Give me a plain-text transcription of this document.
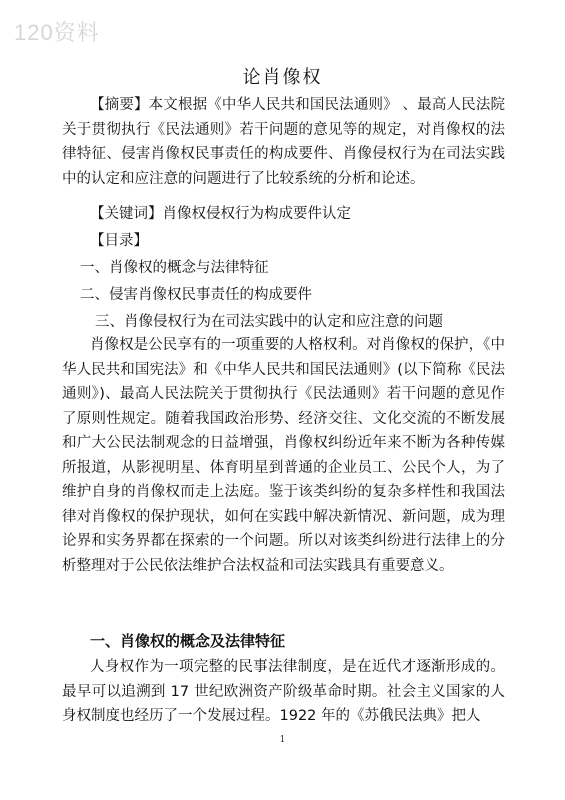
120资料
论肖像权

【摘要】本文根据《中华人民共和国民法通则》 、最高人民法院关于贯彻执行《民法通则》若干问题的意见等的规定，对肖像权的法律特征、侵害肖像权民事责任的构成要件、肖像侵权行为在司法实践中的认定和应注意的问题进行了比较系统的分析和论述。

【关键词】肖像权侵权行为构成要件认定
【目录】
一、肖像权的概念与法律特征
二、侵害肖像权民事责任的构成要件
三、肖像侵权行为在司法实践中的认定和应注意的问题

肖像权是公民享有的一项重要的人格权利。对肖像权的保护，《中华人民共和国宪法》和《中华人民共和国民法通则》(以下简称《民法通则》)、最高人民法院关于贯彻执行《民法通则》若干问题的意见作了原则性规定。随着我国政治形势、经济交往、文化交流的不断发展和广大公民法制观念的日益增强，肖像权纠纷近年来不断为各种传媒所报道，从影视明星、体育明星到普通的企业员工、公民个人，为了维护自身的肖像权而走上法庭。鉴于该类纠纷的复杂多样性和我国法律对肖像权的保护现状，如何在实践中解决新情况、新问题，成为理论界和实务界都在探索的一个问题。所以对该类纠纷进行法律上的分析整理对于公民依法维护合法权益和司法实践具有重要意义。

一、肖像权的概念及法律特征

人身权作为一项完整的民事法律制度，是在近代才逐渐形成的。最早可以追溯到 17 世纪欧洲资产阶级革命时期。社会主义国家的人身权制度也经历了一个发展过程。1922 年的《苏俄民法典》把人

1
